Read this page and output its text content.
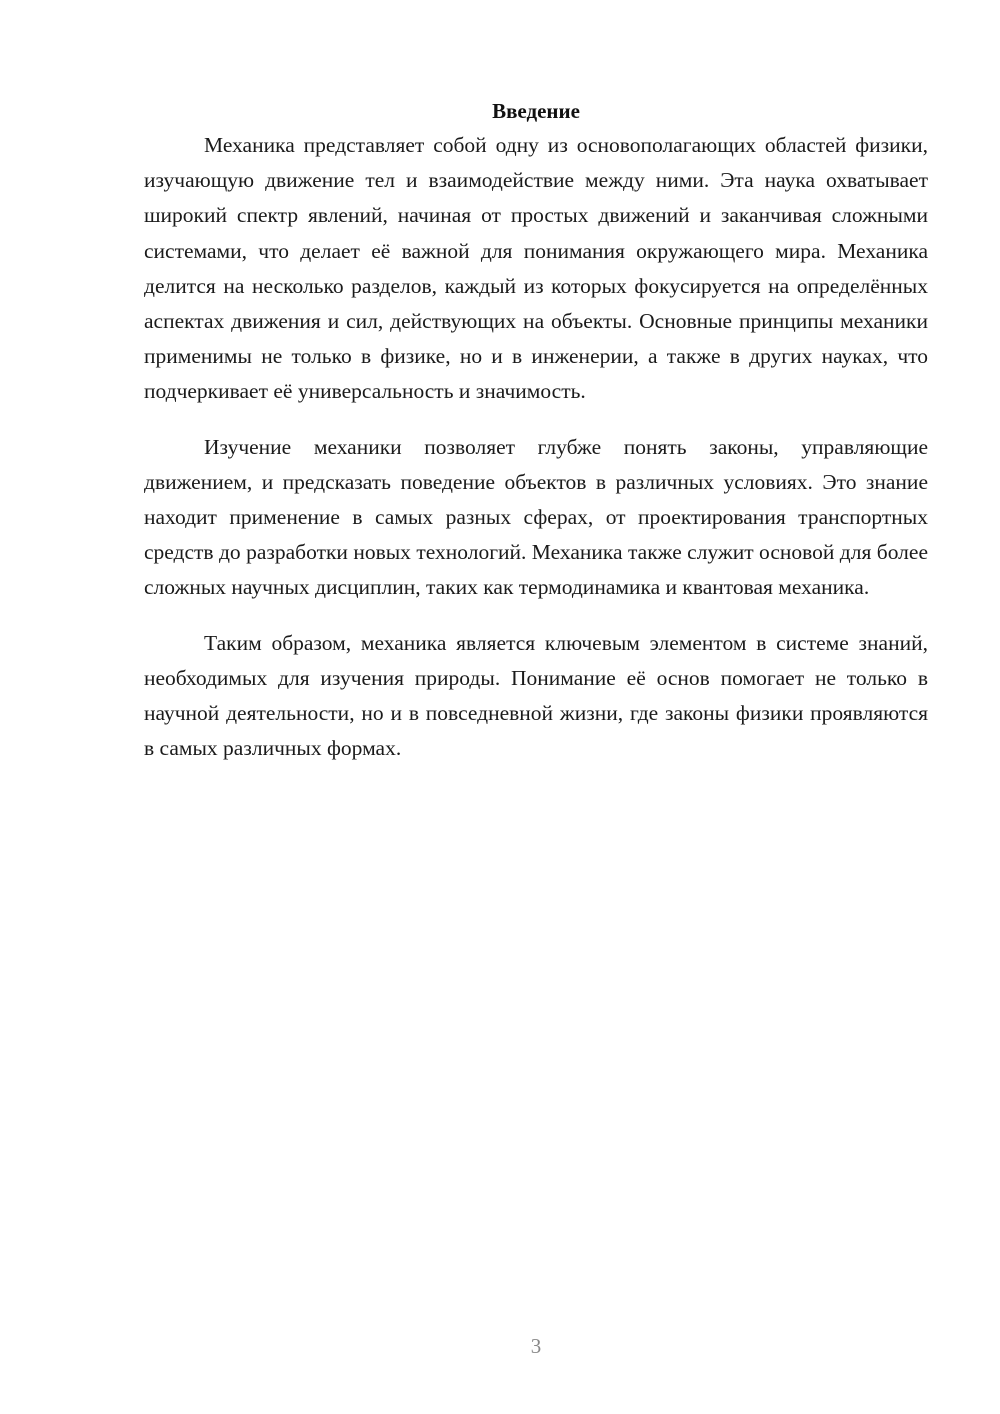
Введение

Механика представляет собой одну из основополагающих областей физики, изучающую движение тел и взаимодействие между ними. Эта наука охватывает широкий спектр явлений, начиная от простых движений и заканчивая сложными системами, что делает её важной для понимания окружающего мира. Механика делится на несколько разделов, каждый из которых фокусируется на определённых аспектах движения и сил, действующих на объекты. Основные принципы механики применимы не только в физике, но и в инженерии, а также в других науках, что подчеркивает её универсальность и значимость.

Изучение механики позволяет глубже понять законы, управляющие движением, и предсказать поведение объектов в различных условиях. Это знание находит применение в самых разных сферах, от проектирования транспортных средств до разработки новых технологий. Механика также служит основой для более сложных научных дисциплин, таких как термодинамика и квантовая механика.

Таким образом, механика является ключевым элементом в системе знаний, необходимых для изучения природы. Понимание её основ помогает не только в научной деятельности, но и в повседневной жизни, где законы физики проявляются в самых различных формах.

3
